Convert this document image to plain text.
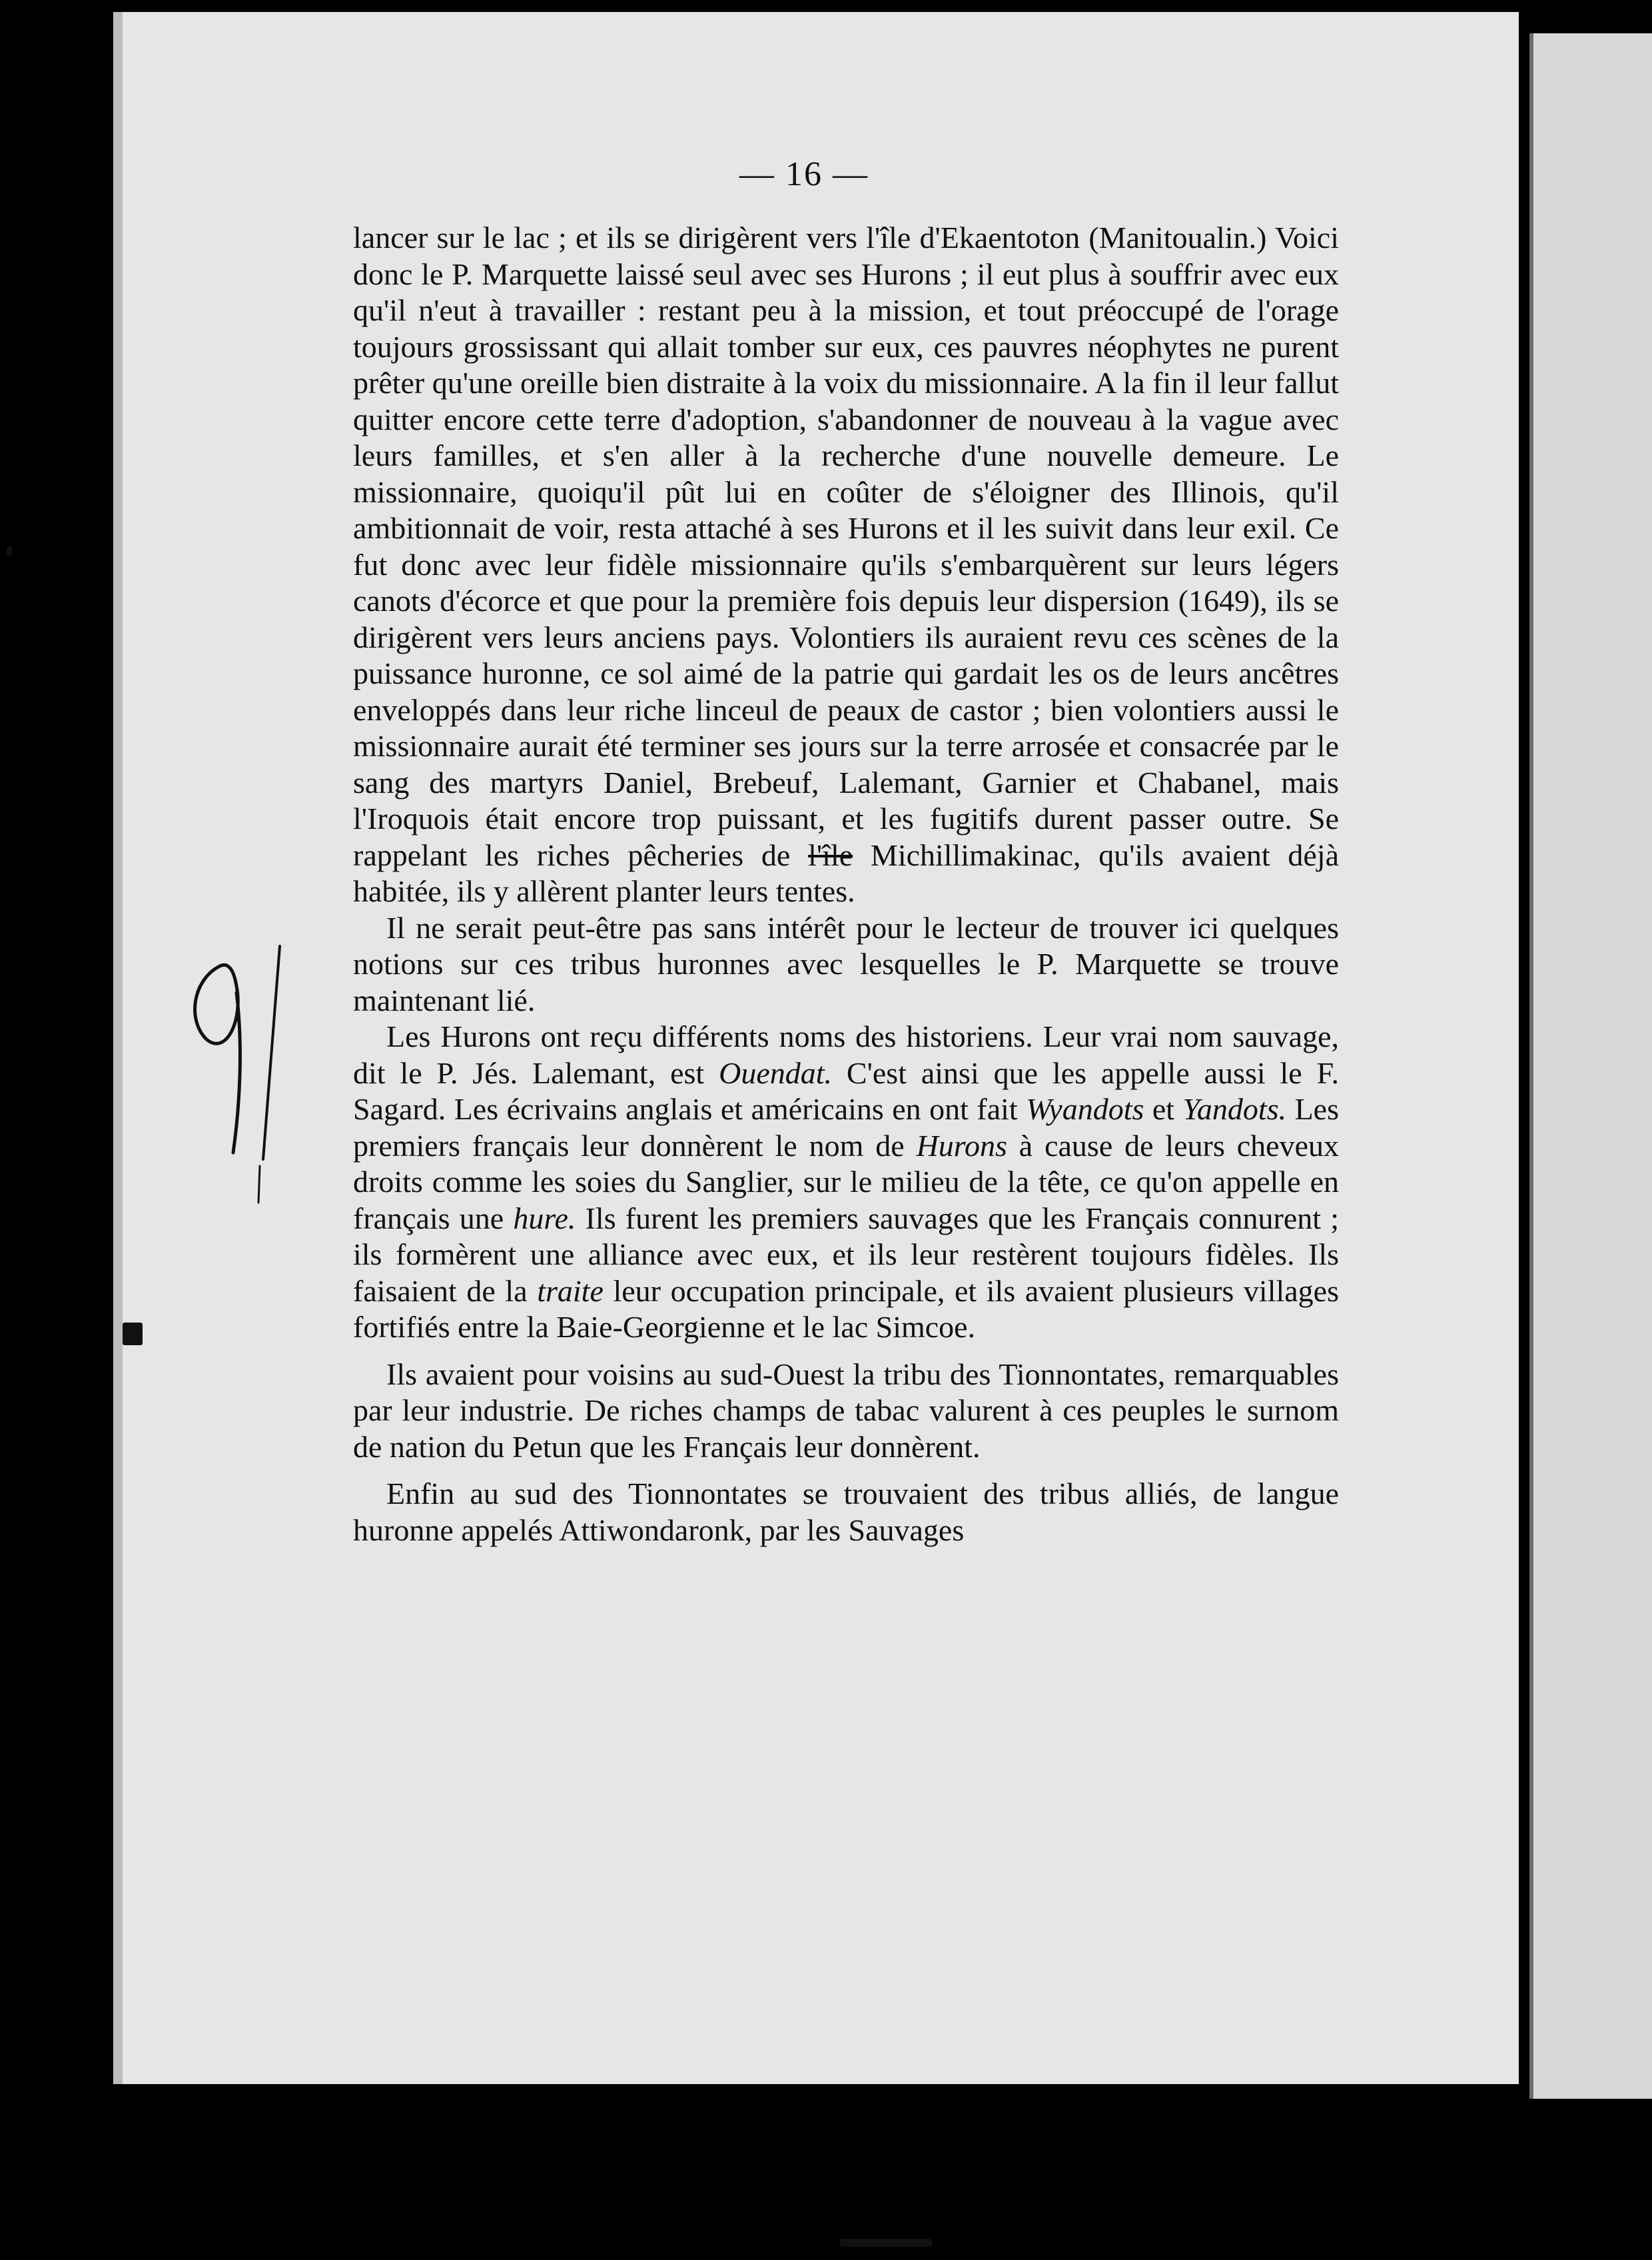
— 16 —

lancer sur le lac ; et ils se dirigèrent vers l'île d'Ekaentoton (Manitoualin.) Voici donc le P. Marquette laissé seul avec ses Hurons ; il eut plus à souffrir avec eux qu'il n'eut à travailler : restant peu à la mission, et tout préoccupé de l'orage toujours grossissant qui allait tomber sur eux, ces pauvres néophytes ne purent prêter qu'une oreille bien distraite à la voix du missionnaire. A la fin il leur fallut quitter encore cette terre d'adoption, s'abandonner de nouveau à la vague avec leurs familles, et s'en aller à la recherche d'une nouvelle demeure. Le missionnaire, quoiqu'il pût lui en coûter de s'éloigner des Illinois, qu'il ambitionnait de voir, resta attaché à ses Hurons et il les suivit dans leur exil. Ce fut donc avec leur fidèle missionnaire qu'ils s'embarquèrent sur leurs légers canots d'écorce et que pour la première fois depuis leur dispersion (1649), ils se dirigèrent vers leurs anciens pays. Volontiers ils auraient revu ces scènes de la puissance huronne, ce sol aimé de la patrie qui gardait les os de leurs ancêtres enveloppés dans leur riche linceul de peaux de castor ; bien volontiers aussi le missionnaire aurait été terminer ses jours sur la terre arrosée et consacrée par le sang des martyrs Daniel, Brebeuf, Lalemant, Garnier et Chabanel, mais l'Iroquois était encore trop puissant, et les fugitifs durent passer outre. Se rappelant les riches pêcheries de l'île Michillimakinac, qu'ils avaient déjà habitée, ils y allèrent planter leurs tentes.

Il ne serait peut-être pas sans intérêt pour le lecteur de trouver ici quelques notions sur ces tribus huronnes avec lesquelles le P. Marquette se trouve maintenant lié.

Les Hurons ont reçu différents noms des historiens. Leur vrai nom sauvage, dit le P. Jés. Lalemant, est Ouendat. C'est ainsi que les appelle aussi le F. Sagard. Les écrivains anglais et américains en ont fait Wyandots et Yandots. Les premiers français leur donnèrent le nom de Hurons à cause de leurs cheveux droits comme les soies du Sanglier, sur le milieu de la tête, ce qu'on appelle en français une hure. Ils furent les premiers sauvages que les Français connurent ; ils formèrent une alliance avec eux, et ils leur restèrent toujours fidèles. Ils faisaient de la traite leur occupation principale, et ils avaient plusieurs villages fortifiés entre la Baie-Georgienne et le lac Simcoe.

Ils avaient pour voisins au sud-Ouest la tribu des Tionnontates, remarquables par leur industrie. De riches champs de tabac valurent à ces peuples le surnom de nation du Petun que les Français leur donnèrent.

Enfin au sud des Tionnontates se trouvaient des tribus alliés, de langue huronne appelés Attiwondaronk, par les Sauvages
